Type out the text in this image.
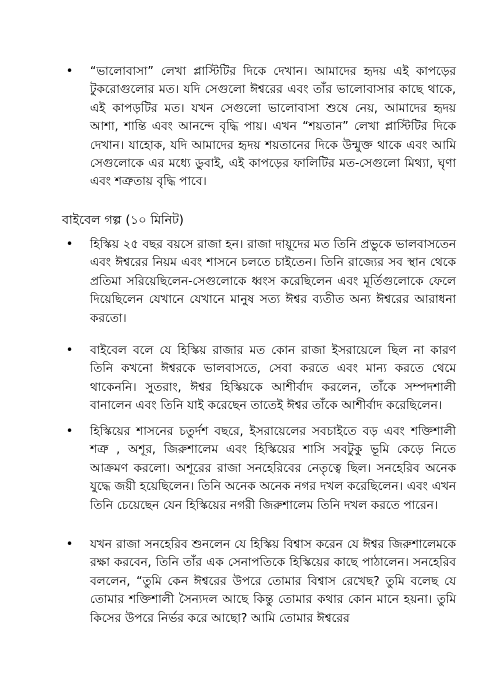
• “ভালোবাসা” লেখা প্লাস্টিটির দিকে দেখান। আমাদের হৃদয় এই কাপড়ের টুকরোগুলোর মত। যদি সেগুলো ঈশ্বরের এবং তাঁর ভালোবাসার কাছে থাকে, এই কাপড়টির মত। যখন সেগুলো ভালোবাসা শুষে নেয়, আমাদের হৃদয় আশা, শান্তি এবং আনন্দে বৃদ্ধি পায়। এখন “শয়তান” লেখা প্লাস্টিটির দিকে দেখান। যাহোক, যদি আমাদের হৃদয় শয়তানের দিকে উন্মুক্ত থাকে এবং আমি সেগুলোকে এর মধ্যে ডুবাই, এই কাপড়ের ফালিটির মত-সেগুলো মিথ্যা, ঘৃণা এবং শত্রুতায় বৃদ্ধি পাবে।
বাইবেল গল্প (১০ মিনিট)
• হিস্কিয় ২৫ বছর বয়সে রাজা হন। রাজা দায়ূদের মত তিনি প্রভুকে ভালবাসতেন এবং ঈশ্বরের নিয়ম এবং শাসনে চলতে চাইতেন। তিনি রাজ্যের সব স্থান থেকে প্রতিমা সরিয়েছিলেন-সেগুলোকে ধ্বংস করেছিলেন এবং মূর্তিগুলোকে ফেলে দিয়েছিলেন যেখানে যেখানে মানুষ সত্য ঈশ্বর ব্যতীত অন্য ঈশ্বরের আরাধনা করতো।
• বাইবেল বলে যে হিস্কিয় রাজার মত কোন রাজা ইসরায়েলে ছিল না কারণ তিনি কখনো ঈশ্বরকে ভালবাসতে, সেবা করতে এবং মান্য করতে থেমে থাকেননি। সুতরাং, ঈশ্বর হিস্কিয়কে আশীর্বাদ করলেন, তাঁকে সম্পদশালী বানালেন এবং তিনি যাই করেছেন তাতেই ঈশ্বর তাঁকে আশীর্বাদ করেছিলেন।
• হিস্কিয়ের শাসনের চতুর্দশ বছরে, ইসরায়েলের সবচাইতে বড় এবং শক্তিশালী শত্রু , অশূর, জিরুশালেম এবং হিস্কিয়ের শাসি সবটুকু ভূমি কেড়ে নিতে আক্রমণ করলো। অশূরের রাজা সনহেরিবের নেতৃত্বে ছিল। সনহেরিব অনেক যুদ্ধে জয়ী হয়েছিলেন। তিনি অনেক অনেক নগর দখল করেছিলেন। এবং এখন তিনি চেয়েছেন যেন হিস্কিয়ের নগরী জিরুশালেম তিনি দখল করতে পারেন।
• যখন রাজা সনহেরিব শুনলেন যে হিস্কিয় বিশ্বাস করেন যে ঈশ্বর জিরুশালেমকে রক্ষা করবেন, তিনি তাঁর এক সেনাপতিকে হিস্কিয়ের কাছে পাঠালেন। সনহেরিব বললেন, “তুমি কেন ঈশ্বরের উপরে তোমার বিশ্বাস রেখেছ? তুমি বলেছ যে তোমার শক্তিশালী সৈন্যদল আছে কিন্তু তোমার কথার কোন মানে হয়না। তুমি কিসের উপরে নির্ভর করে আছো? আমি তোমার ঈশ্বরের
